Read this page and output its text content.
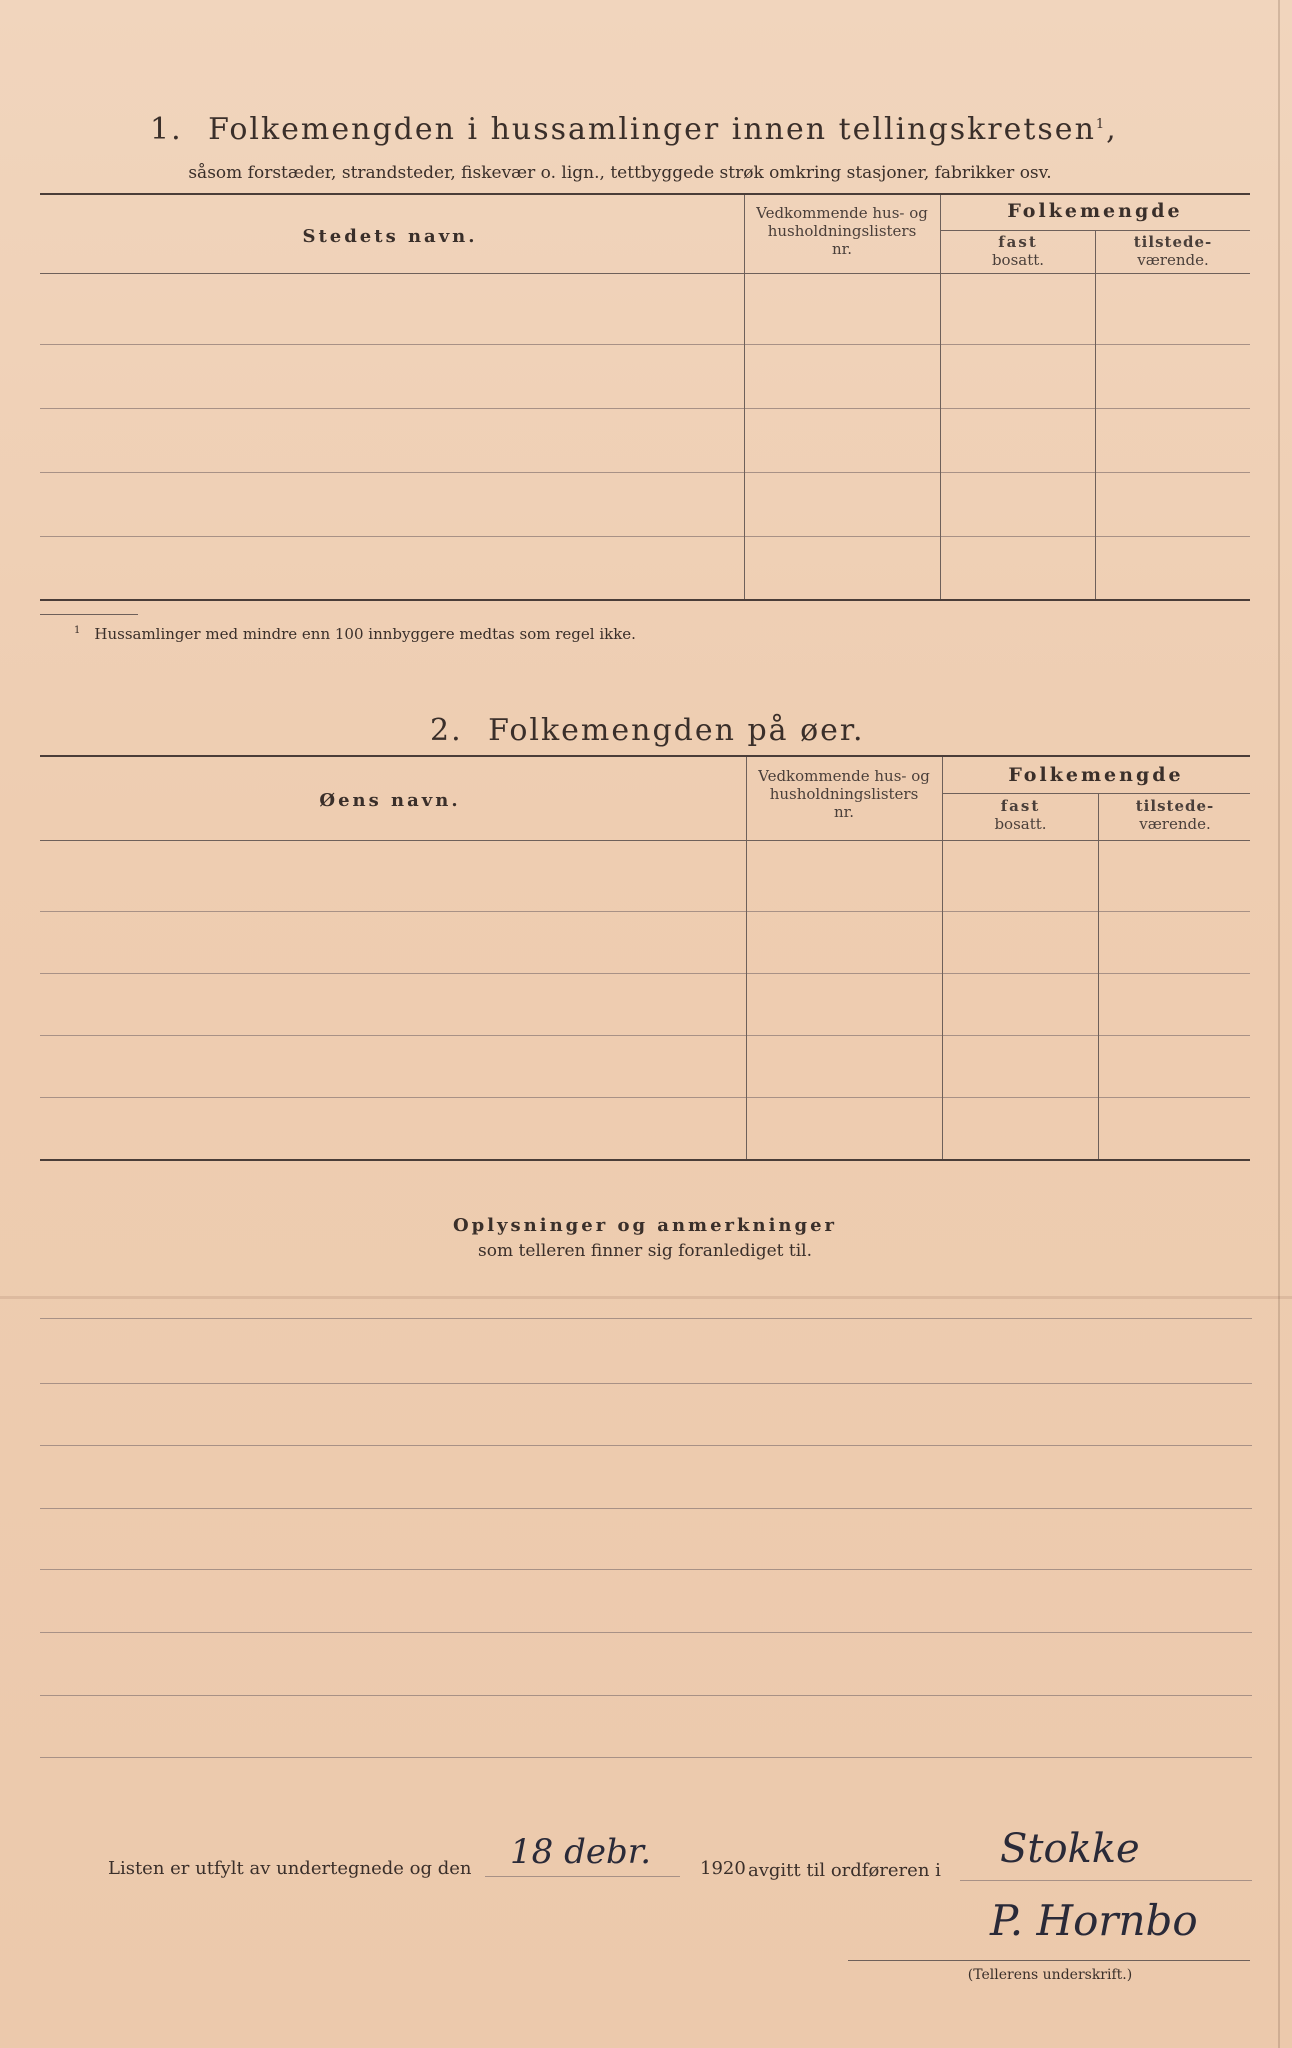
1. Folkemengden i hussamlinger innen tellingskretsen$^1$,
såsom forstæder, strandsteder, fiskevær o. lign., tettbyggede strøk omkring stasjoner, fabrikker osv.
Stedets navn.
Vedkommende hus- og
husholdningslisters
nr.
Folkemengde
fast
bosatt.
tilstede-
værende.
$^1$ Hussamlinger med mindre enn 100 innbyggere medtas som regel ikke.
2. Folkemengden på øer.
Øens navn.
Vedkommende hus- og
husholdningslisters
nr.
Folkemengde
fast
bosatt.
tilstede-
værende.
Oplysninger og anmerkninger
som telleren finner sig foranlediget til.
Listen er utfylt av undertegnede og den 18 debr.	1920 avgitt til ordføreren i Stokke
P. Hornbo
(Tellerens underskrift.)
